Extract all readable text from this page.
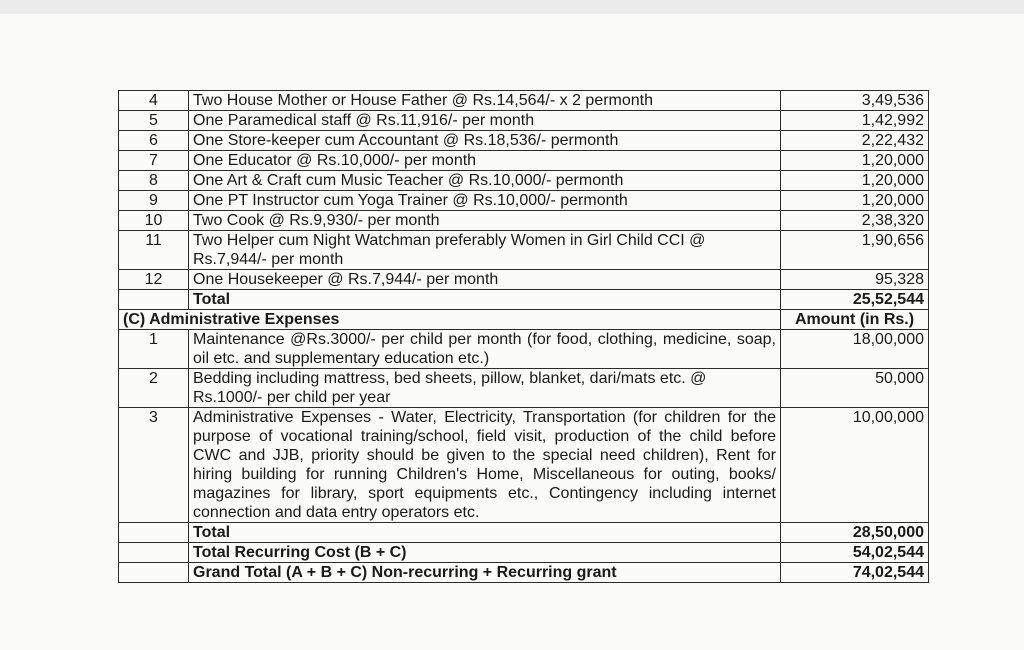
4	Two House Mother or House Father @ Rs.14,564/- x 2 permonth	3,49,536
5	One Paramedical staff @ Rs.11,916/- per month	1,42,992
6	One Store-keeper cum Accountant @ Rs.18,536/- permonth	2,22,432
7	One Educator @ Rs.10,000/- per month	1,20,000
8	One Art & Craft cum Music Teacher @ Rs.10,000/- permonth	1,20,000
9	One PT Instructor cum Yoga Trainer @ Rs.10,000/- permonth	1,20,000
10	Two Cook @ Rs.9,930/- per month	2,38,320
11	Two Helper cum Night Watchman preferably Women in Girl Child CCI @ Rs.7,944/- per month	1,90,656
12	One Housekeeper @ Rs.7,944/- per month	95,328
	Total	25,52,544
(C) Administrative Expenses		Amount (in Rs.)
1	Maintenance @Rs.3000/- per child per month (for food, clothing, medicine, soap, oil etc. and supplementary education etc.)	18,00,000
2	Bedding including mattress, bed sheets, pillow, blanket, dari/mats etc. @ Rs.1000/- per child per year	50,000
3	Administrative Expenses - Water, Electricity, Transportation (for children for the purpose of vocational training/school, field visit, production of the child before CWC and JJB, priority should be given to the special need children), Rent for hiring building for running Children's Home, Miscellaneous for outing, books/ magazines for library, sport equipments etc., Contingency including internet connection and data entry operators etc.	10,00,000
	Total	28,50,000
	Total Recurring Cost (B + C)	54,02,544
	Grand Total (A + B + C) Non-recurring + Recurring grant	74,02,544
